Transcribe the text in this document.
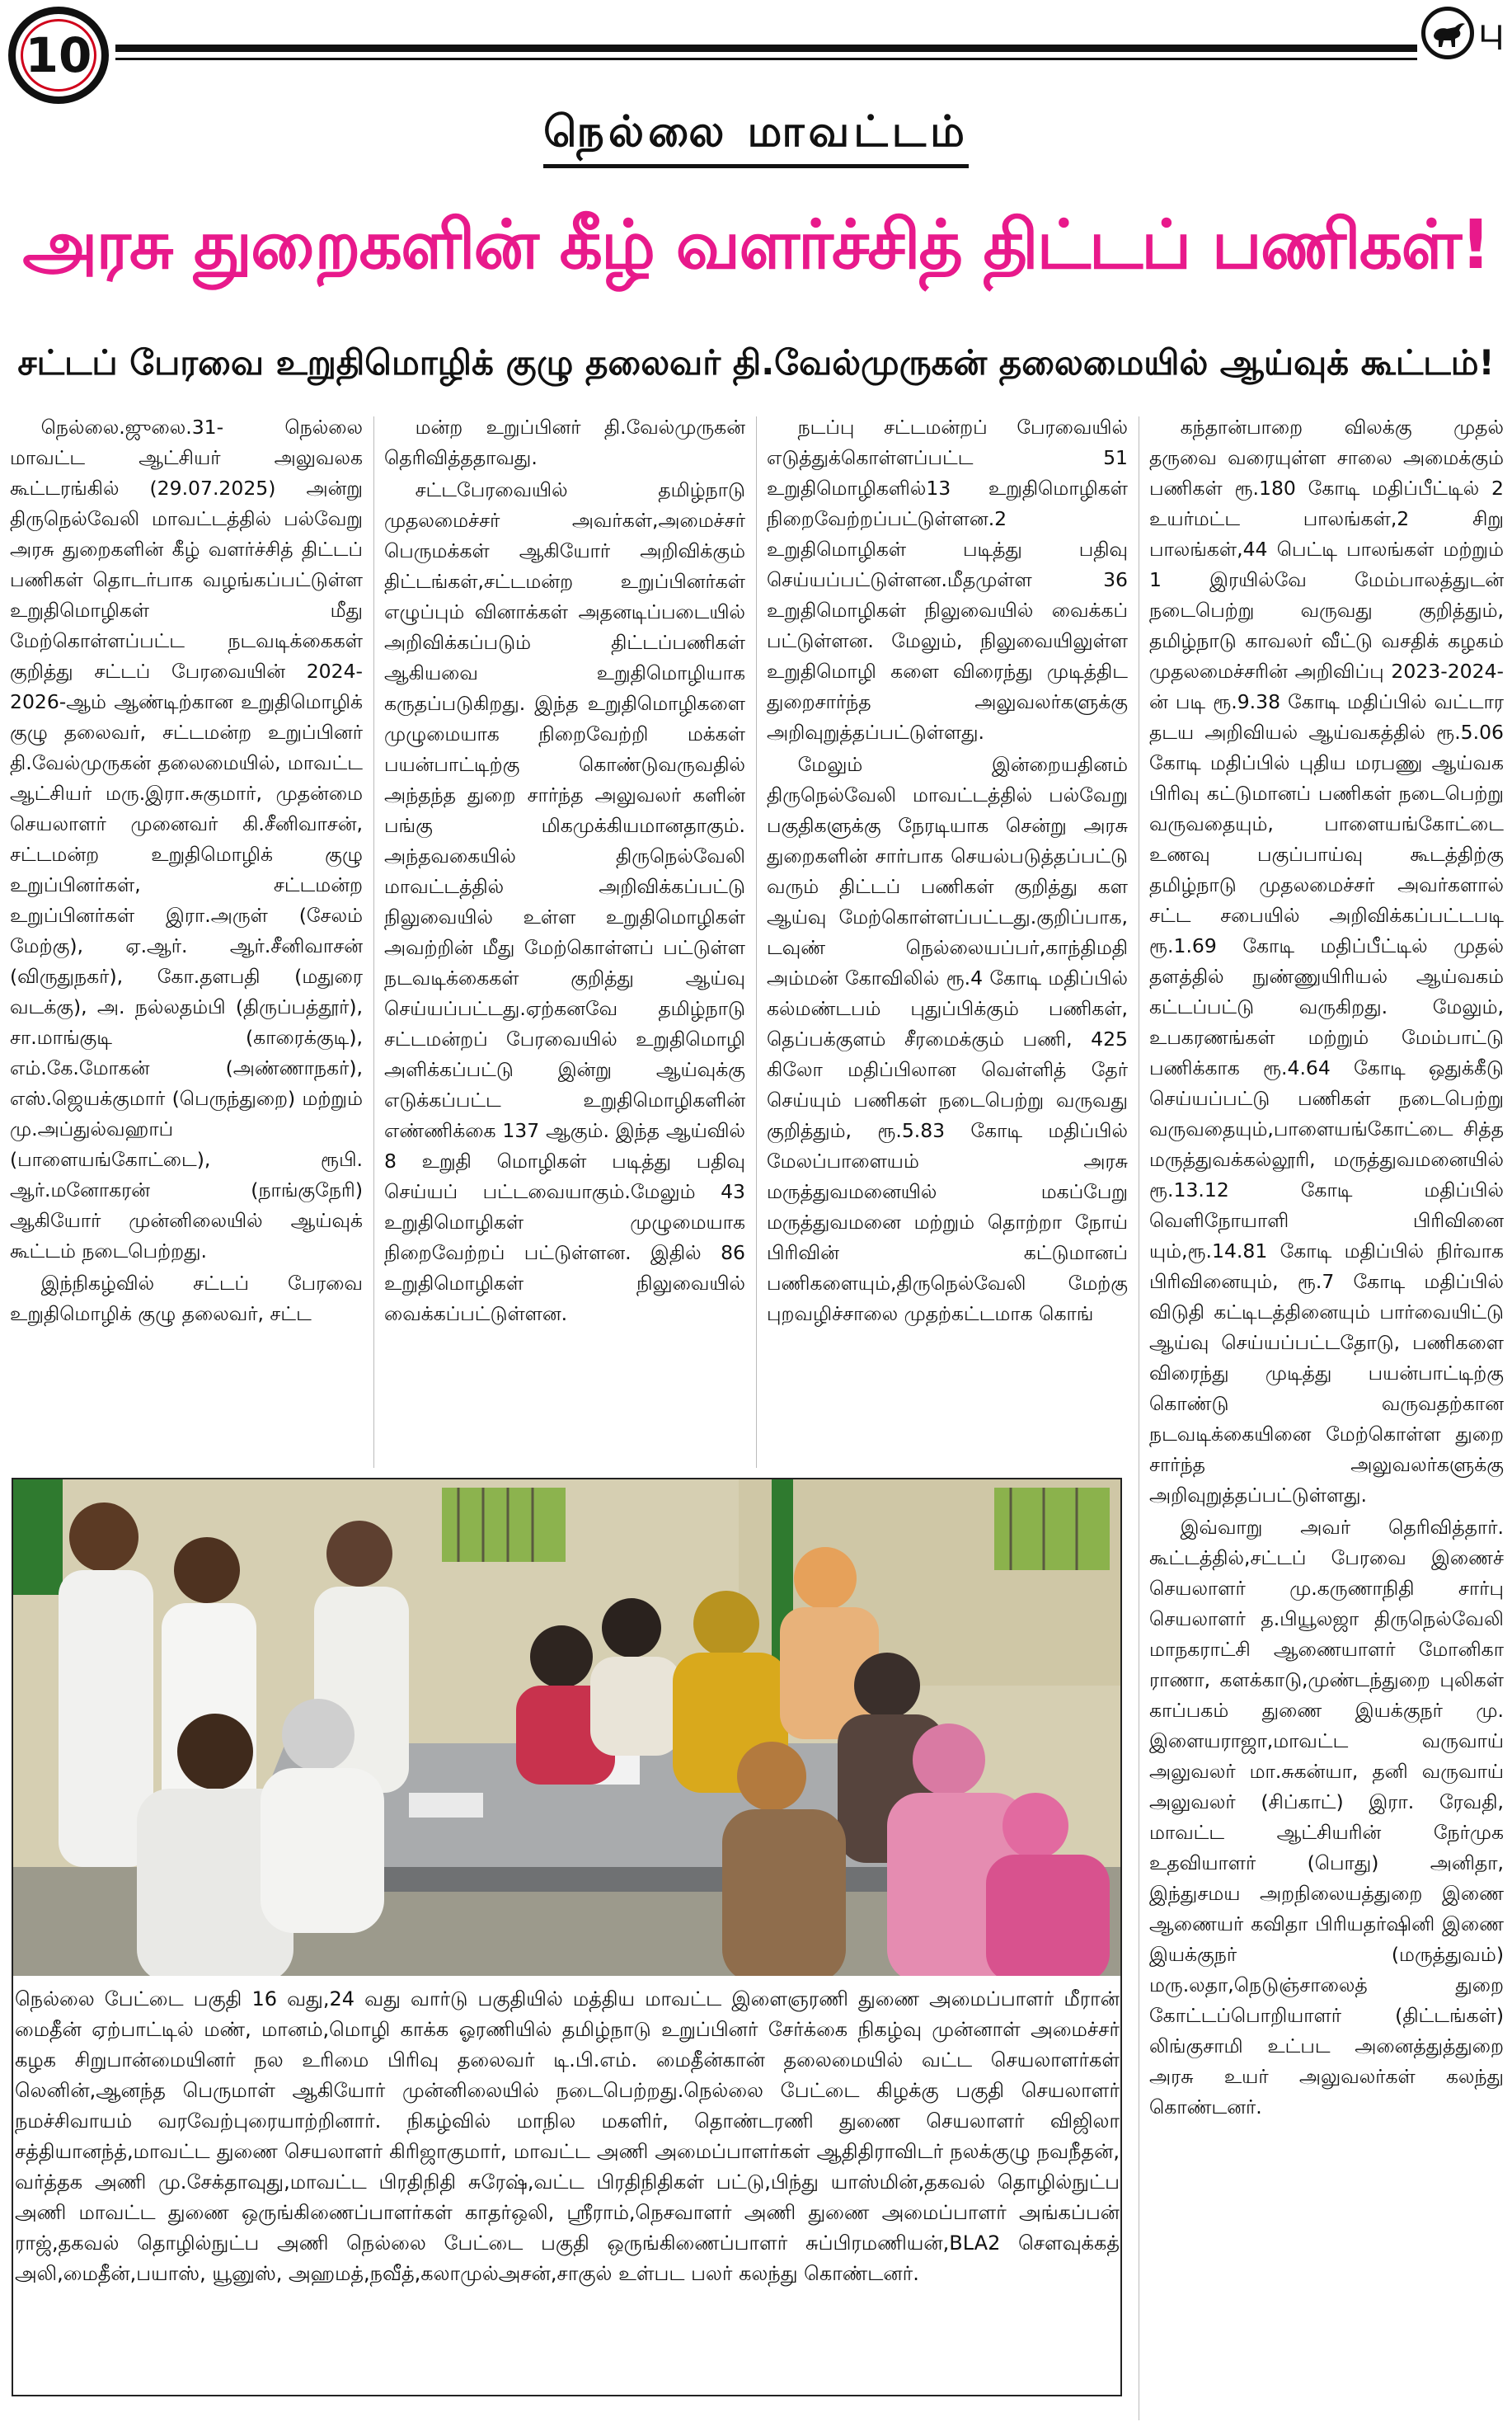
10	பு
நெல்லை மாவட்டம்
அரசு துறைகளின் கீழ் வளர்ச்சித் திட்டப் பணிகள்!
சட்டப் பேரவை உறுதிமொழிக் குழு தலைவர் தி.வேல்முருகன் தலைமையில் ஆய்வுக் கூட்டம்!

நெல்லை.ஜுலை.31- நெல்லை மாவட்ட ஆட்சியர் அலுவலக கூட்டரங்கில் (29.07.2025) அன்று திருநெல்வேலி மாவட்டத்தில் பல்வேறு அரசு துறைகளின் கீழ் வளர்ச்சித் திட்டப் பணிகள் தொடர்பாக வழங்கப்பட்டுள்ள உறுதிமொழிகள் மீது மேற்கொள்ளப்பட்ட நடவடிக்கைகள் குறித்து சட்டப் பேரவையின் 2024-2026-ஆம் ஆண்டிற்கான உறுதிமொழிக் குழு தலைவர், சட்டமன்ற உறுப்பினர் தி.வேல்முருகன் தலைமையில், மாவட்ட ஆட்சியர் மரு.இரா.சுகுமார், முதன்மை செயலாளர் முனைவர் கி.சீனிவாசன், சட்டமன்ற உறுதிமொழிக் குழு உறுப்பினர்கள், சட்டமன்ற உறுப்பினர்கள் இரா.அருள் (சேலம் மேற்கு), ஏ.ஆர். ஆர்.சீனிவாசன் (விருதுநகர்), கோ.தளபதி (மதுரை வடக்கு), அ. நல்லதம்பி (திருப்பத்தூர்), சா.மாங்குடி (காரைக்குடி), எம்.கே.மோகன் (அண்ணாநகர்), எஸ்.ஜெயக்குமார் (பெருந்துறை) மற்றும் மு.அப்துல்வஹாப் (பாளையங்கோட்டை), ரூபி. ஆர்.மனோகரன் (நாங்குநேரி) ஆகியோர் முன்னிலையில் ஆய்வுக் கூட்டம் நடைபெற்றது.

இந்நிகழ்வில் சட்டப் பேரவை உறுதிமொழிக் குழு தலைவர், சட்ட

மன்ற உறுப்பினர் தி.வேல்முருகன் தெரிவித்ததாவது.

சட்டபேரவையில் தமிழ்நாடு முதலமைச்சர் அவர்கள்,அமைச்சர் பெருமக்கள் ஆகியோர் அறிவிக்கும் திட்டங்கள்,சட்டமன்ற உறுப்பினர்கள் எழுப்பும் வினாக்கள் அதனடிப்படையில் அறிவிக்கப்படும் திட்டப்பணிகள் ஆகியவை உறுதிமொழியாக கருதப்படுகிறது. இந்த உறுதிமொழிகளை முழுமையாக நிறைவேற்றி மக்கள் பயன்பாட்டிற்கு கொண்டுவருவதில் அந்தந்த துறை சார்ந்த அலுவலர் களின் பங்கு மிகமுக்கியமானதாகும். அந்தவகையில் திருநெல்வேலி மாவட்டத்தில் அறிவிக்கப்பட்டு நிலுவையில் உள்ள உறுதிமொழிகள் அவற்றின் மீது மேற்கொள்ளப் பட்டுள்ள நடவடிக்கைகள் குறித்து ஆய்வு செய்யப்பட்டது.ஏற்கனவே தமிழ்நாடு சட்டமன்றப் பேரவையில் உறுதிமொழி அளிக்கப்பட்டு இன்று ஆய்வுக்கு எடுக்கப்பட்ட உறுதிமொழிகளின் எண்ணிக்கை 137 ஆகும். இந்த ஆய்வில் 8 உறுதி மொழிகள் படித்து பதிவு செய்யப் பட்டவையாகும்.மேலும் 43 உறுதிமொழிகள் முழுமையாக நிறைவேற்றப் பட்டுள்ளன. இதில் 86 உறுதிமொழிகள் நிலுவையில் வைக்கப்பட்டுள்ளன.

நடப்பு சட்டமன்றப் பேரவையில் எடுத்துக்கொள்ளப்பட்ட 51 உறுதிமொழிகளில்13 உறுதிமொழிகள் நிறைவேற்றப்பட்டுள்ளன.2 உறுதிமொழிகள் படித்து பதிவு செய்யப்பட்டுள்ளன.மீதமுள்ள 36 உறுதிமொழிகள் நிலுவையில் வைக்கப் பட்டுள்ளன. மேலும், நிலுவையிலுள்ள உறுதிமொழி களை விரைந்து முடித்திட துறைசார்ந்த அலுவலர்களுக்கு அறிவுறுத்தப்பட்டுள்ளது.

மேலும் இன்றையதினம் திருநெல்வேலி மாவட்டத்தில் பல்வேறு பகுதிகளுக்கு நேரடியாக சென்று அரசு துறைகளின் சார்பாக செயல்படுத்தப்பட்டு வரும் திட்டப் பணிகள் குறித்து கள ஆய்வு மேற்கொள்ளப்பட்டது.குறிப்பாக, டவுண் நெல்லையப்பர்,காந்திமதி அம்மன் கோவிலில் ரூ.4 கோடி மதிப்பில் கல்மண்டபம் புதுப்பிக்கும் பணிகள், தெப்பக்குளம் சீரமைக்கும் பணி, 425 கிலோ மதிப்பிலான வெள்ளித் தேர் செய்யும் பணிகள் நடைபெற்று வருவது குறித்தும், ரூ.5.83 கோடி மதிப்பில் மேலப்பாளையம் அரசு மருத்துவமனையில் மகப்பேறு மருத்துவமனை மற்றும் தொற்றா நோய் பிரிவின் கட்டுமானப் பணிகளையும்,திருநெல்வேலி மேற்கு புறவழிச்சாலை முதற்கட்டமாக கொங்

கந்தான்பாறை விலக்கு முதல் தருவை வரையுள்ள சாலை அமைக்கும் பணிகள் ரூ.180 கோடி மதிப்பீட்டில் 2 உயர்மட்ட பாலங்கள்,2 சிறு பாலங்கள்,44 பெட்டி பாலங்கள் மற்றும் 1 இரயில்வே மேம்பாலத்துடன் நடைபெற்று வருவது குறித்தும், தமிழ்நாடு காவலர் வீட்டு வசதிக் கழகம் முதலமைச்சரின் அறிவிப்பு 2023-2024-ன் படி ரூ.9.38 கோடி மதிப்பில் வட்டார தடய அறிவியல் ஆய்வகத்தில் ரூ.5.06 கோடி மதிப்பில் புதிய மரபணு ஆய்வக பிரிவு கட்டுமானப் பணிகள் நடைபெற்று வருவதையும், பாளையங்கோட்டை உணவு பகுப்பாய்வு கூடத்திற்கு தமிழ்நாடு முதலமைச்சர் அவர்களால் சட்ட சபையில் அறிவிக்கப்பட்டபடி ரூ.1.69 கோடி மதிப்பீட்டில் முதல் தளத்தில் நுண்ணுயிரியல் ஆய்வகம் கட்டப்பட்டு வருகிறது. மேலும், உபகரணங்கள் மற்றும் மேம்பாட்டு பணிக்காக ரூ.4.64 கோடி ஒதுக்கீடு செய்யப்பட்டு பணிகள் நடைபெற்று வருவதையும்,பாளையங்கோட்டை சித்த மருத்துவக்கல்லூரி, மருத்துவமனையில் ரூ.13.12 கோடி மதிப்பில் வெளிநோயாளி பிரிவினை யும்,ரூ.14.81 கோடி மதிப்பில் நிர்வாக பிரிவினையும், ரூ.7 கோடி மதிப்பில் விடுதி கட்டிடத்தினையும் பார்வையிட்டு ஆய்வு செய்யப்பட்டதோடு, பணிகளை விரைந்து முடித்து பயன்பாட்டிற்கு கொண்டு வருவதற்கான நடவடிக்கையினை மேற்கொள்ள துறை சார்ந்த அலுவலர்களுக்கு அறிவுறுத்தப்பட்டுள்ளது.

இவ்வாறு அவர் தெரிவித்தார். கூட்டத்தில்,சட்டப் பேரவை இணைச் செயலாளர் மு.கருணாநிதி சார்பு செயலாளர் த.பியூலஜா திருநெல்வேலி மாநகராட்சி ஆணையாளர் மோனிகா ராணா, களக்காடு,முண்டந்துறை புலிகள் காப்பகம் துணை இயக்குநர் மு. இளையராஜா,மாவட்ட வருவாய் அலுவலர் மா.சுகன்யா, தனி வருவாய் அலுவலர் (சிப்காட்) இரா. ரேவதி, மாவட்ட ஆட்சியரின் நேர்முக உதவியாளர் (பொது) அனிதா, இந்துசமய அறநிலையத்துறை இணை ஆணையர் கவிதா பிரியதர்ஷினி இணை இயக்குநர் (மருத்துவம்) மரு.லதா,நெடுஞ்சாலைத் துறை கோட்டப்பொறியாளர் (திட்டங்கள்) லிங்குசாமி உட்பட அனைத்துத்துறை அரசு உயர் அலுவலர்கள் கலந்து கொண்டனர்.

நெல்லை பேட்டை பகுதி 16 வது,24 வது வார்டு பகுதியில் மத்திய மாவட்ட இளைஞரணி துணை அமைப்பாளர் மீரான் மைதீன் ஏற்பாட்டில் மண், மானம்,மொழி காக்க ஓரணியில் தமிழ்நாடு உறுப்பினர் சேர்க்கை நிகழ்வு முன்னாள் அமைச்சர் கழக சிறுபான்மையினர் நல உரிமை பிரிவு தலைவர் டி.பி.எம். மைதீன்கான் தலைமையில் வட்ட செயலாளர்கள் லெனின்,ஆனந்த பெருமாள் ஆகியோர் முன்னிலையில் நடைபெற்றது.நெல்லை பேட்டை கிழக்கு பகுதி செயலாளர் நமச்சிவாயம் வரவேற்புரையாற்றினார். நிகழ்வில் மாநில மகளிர், தொண்டரணி துணை செயலாளர் விஜிலா சத்தியானந்த்,மாவட்ட துணை செயலாளர் கிரிஜாகுமார், மாவட்ட அணி அமைப்பாளர்கள் ஆதிதிராவிடர் நலக்குழு நவநீதன், வர்த்தக அணி மு.சேக்தாவுது,மாவட்ட பிரதிநிதி சுரேஷ்,வட்ட பிரதிநிதிகள் பட்டு,பிந்து யாஸ்மின்,தகவல் தொழில்நுட்ப அணி மாவட்ட துணை ஒருங்கிணைப்பாளர்கள் காதர்ஒலி, ஸ்ரீராம்,நெசவாளர் அணி துணை அமைப்பாளர் அங்கப்பன் ராஜ்,தகவல் தொழில்நுட்ப அணி நெல்லை பேட்டை பகுதி ஒருங்கிணைப்பாளர் சுப்பிரமணியன்,BLA2 சௌவுக்கத் அலி,மைதீன்,பயாஸ், யூனுஸ், அஹமத்,நவீத்,கலாமுல்அசன்,சாகுல் உள்பட பலர் கலந்து கொண்டனர்.
